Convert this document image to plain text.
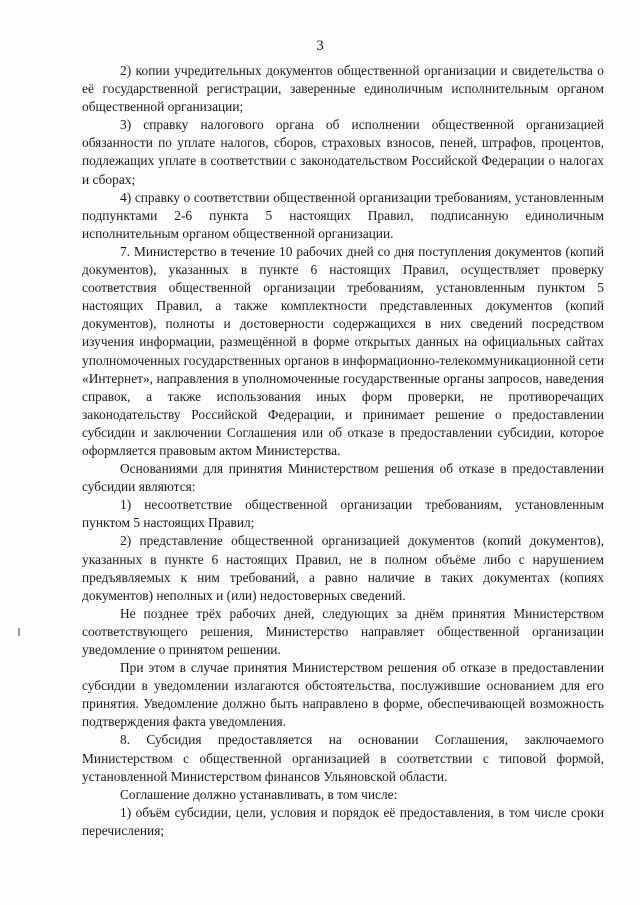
3

2) копии учредительных документов общественной организации и свидетельства о её государственной регистрации, заверенные единоличным исполнительным органом общественной организации;

3) справку налогового органа об исполнении общественной организацией обязанности по уплате налогов, сборов, страховых взносов, пеней, штрафов, процентов, подлежащих уплате в соответствии с законодательством Российской Федерации о налогах и сборах;

4) справку о соответствии общественной организации требованиям, установленным подпунктами 2-6 пункта 5 настоящих Правил, подписанную единоличным исполнительным органом общественной организации.

7. Министерство в течение 10 рабочих дней со дня поступления документов (копий документов), указанных в пункте 6 настоящих Правил, осуществляет проверку соответствия общественной организации требованиям, установленным пунктом 5 настоящих Правил, а также комплектности представленных документов (копий документов), полноты и достоверности содержащихся в них сведений посредством изучения информации, размещённой в форме открытых данных на официальных сайтах уполномоченных государственных органов в информационно-телекоммуникационной сети «Интернет», направления в уполномоченные государственные органы запросов, наведения справок, а также использования иных форм проверки, не противоречащих законодательству Российской Федерации, и принимает решение о предоставлении субсидии и заключении Соглашения или об отказе в предоставлении субсидии, которое оформляется правовым актом Министерства.

Основаниями для принятия Министерством решения об отказе в предоставлении субсидии являются:

1) несоответствие общественной организации требованиям, установленным пунктом 5 настоящих Правил;

2) представление общественной организацией документов (копий документов), указанных в пункте 6 настоящих Правил, не в полном объёме либо с нарушением предъявляемых к ним требований, а равно наличие в таких документах (копиях документов) неполных и (или) недостоверных сведений.

Не позднее трёх рабочих дней, следующих за днём принятия Министерством соответствующего решения, Министерство направляет общественной организации уведомление о принятом решении.

При этом в случае принятия Министерством решения об отказе в предоставлении субсидии в уведомлении излагаются обстоятельства, послужившие основанием для его принятия. Уведомление должно быть направлено в форме, обеспечивающей возможность подтверждения факта уведомления.

8. Субсидия предоставляется на основании Соглашения, заключаемого Министерством с общественной организацией в соответствии с типовой формой, установленной Министерством финансов Ульяновской области.

Соглашение должно устанавливать, в том числе:

1) объём субсидии, цели, условия и порядок её предоставления, в том числе сроки перечисления;
